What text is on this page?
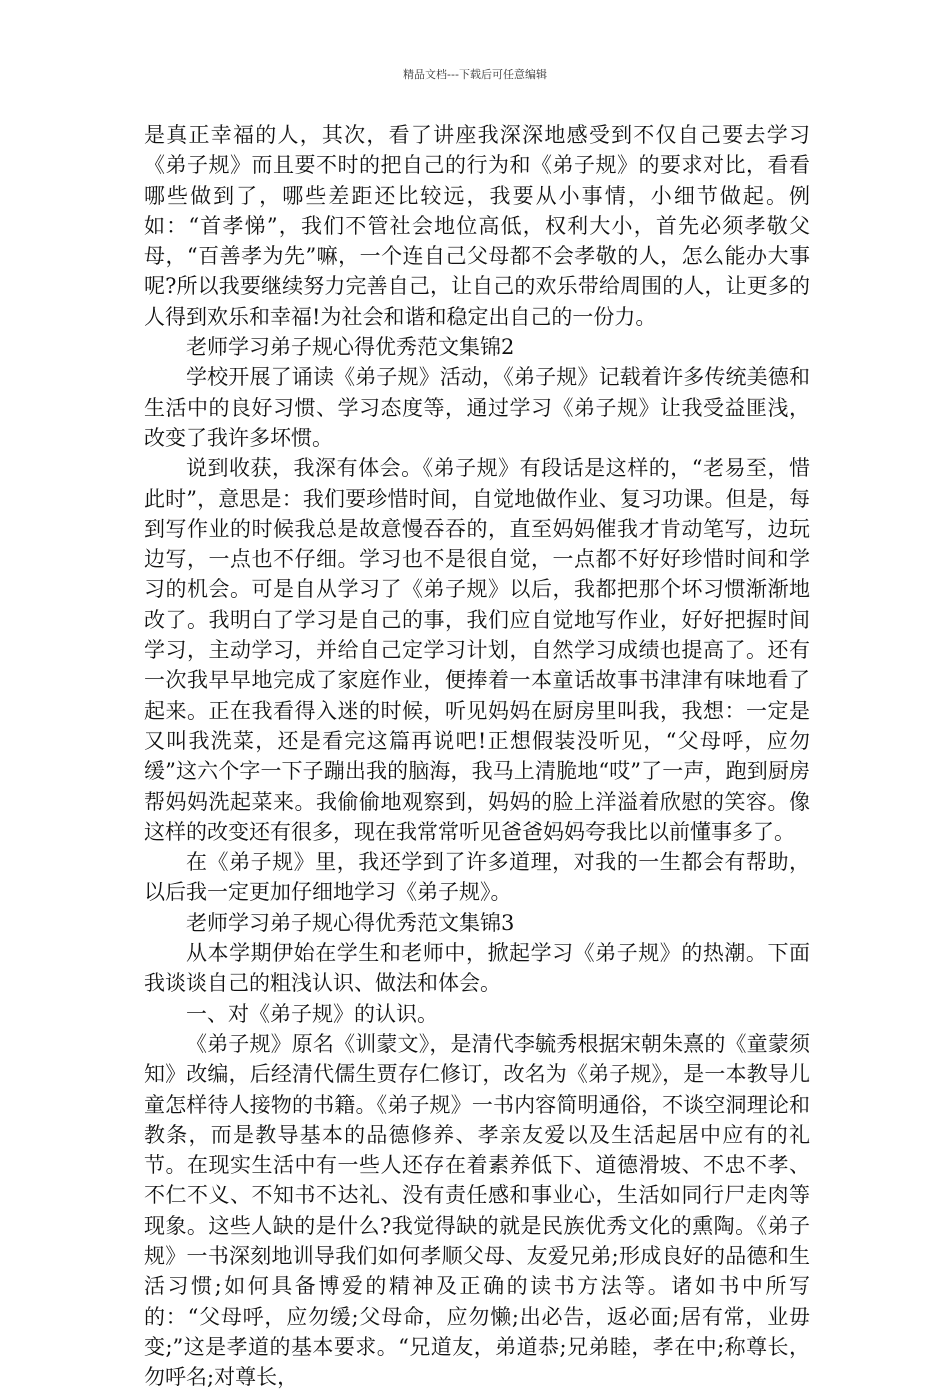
精品文档---下载后可任意编辑

是真正幸福的人，其次，看了讲座我深深地感受到不仅自己要去学习《弟子规》而且要不时的把自己的行为和《弟子规》的要求对比，看看哪些做到了，哪些差距还比较远，我要从小事情，小细节做起。例如：“首孝悌”，我们不管社会地位高低，权利大小，首先必须孝敬父母，“百善孝为先”嘛，一个连自己父母都不会孝敬的人，怎么能办大事呢?所以我要继续努力完善自己，让自己的欢乐带给周围的人，让更多的人得到欢乐和幸福!为社会和谐和稳定出自己的一份力。

老师学习弟子规心得优秀范文集锦2

学校开展了诵读《弟子规》活动，《弟子规》记载着许多传统美德和生活中的良好习惯、学习态度等，通过学习《弟子规》让我受益匪浅，改变了我许多坏惯。

说到收获，我深有体会。《弟子规》有段话是这样的，“老易至，惜此时”，意思是：我们要珍惜时间，自觉地做作业、复习功课。但是，每到写作业的时候我总是故意慢吞吞的，直至妈妈催我才肯动笔写，边玩边写，一点也不仔细。学习也不是很自觉，一点都不好好珍惜时间和学习的机会。可是自从学习了《弟子规》以后，我都把那个坏习惯渐渐地改了。我明白了学习是自己的事，我们应自觉地写作业，好好把握时间学习，主动学习，并给自己定学习计划，自然学习成绩也提高了。还有一次我早早地完成了家庭作业，便捧着一本童话故事书津津有味地看了起来。正在我看得入迷的时候，听见妈妈在厨房里叫我，我想：一定是又叫我洗菜，还是看完这篇再说吧!正想假装没听见，“父母呼，应勿缓”这六个字一下子蹦出我的脑海，我马上清脆地“哎”了一声，跑到厨房帮妈妈洗起菜来。我偷偷地观察到，妈妈的脸上洋溢着欣慰的笑容。像这样的改变还有很多，现在我常常听见爸爸妈妈夸我比以前懂事多了。

在《弟子规》里，我还学到了许多道理，对我的一生都会有帮助，以后我一定更加仔细地学习《弟子规》。

老师学习弟子规心得优秀范文集锦3

从本学期伊始在学生和老师中，掀起学习《弟子规》的热潮。下面我谈谈自己的粗浅认识、做法和体会。

一、对《弟子规》的认识。

《弟子规》原名《训蒙文》，是清代李毓秀根据宋朝朱熹的《童蒙须知》改编，后经清代儒生贾存仁修订，改名为《弟子规》，是一本教导儿童怎样待人接物的书籍。《弟子规》一书内容简明通俗，不谈空洞理论和教条，而是教导基本的品德修养、孝亲友爱以及生活起居中应有的礼节。在现实生活中有一些人还存在着素养低下、道德滑坡、不忠不孝、不仁不义、不知书不达礼、没有责任感和事业心，生活如同行尸走肉等现象。这些人缺的是什么?我觉得缺的就是民族优秀文化的熏陶。《弟子规》一书深刻地训导我们如何孝顺父母、友爱兄弟;形成良好的品德和生活习惯;如何具备博爱的精神及正确的读书方法等。诸如书中所写的：“父母呼，应勿缓;父母命，应勿懒;出必告，返必面;居有常，业毋变;”这是孝道的基本要求。“兄道友，弟道恭;兄弟睦，孝在中;称尊长，勿呼名;对尊长，
